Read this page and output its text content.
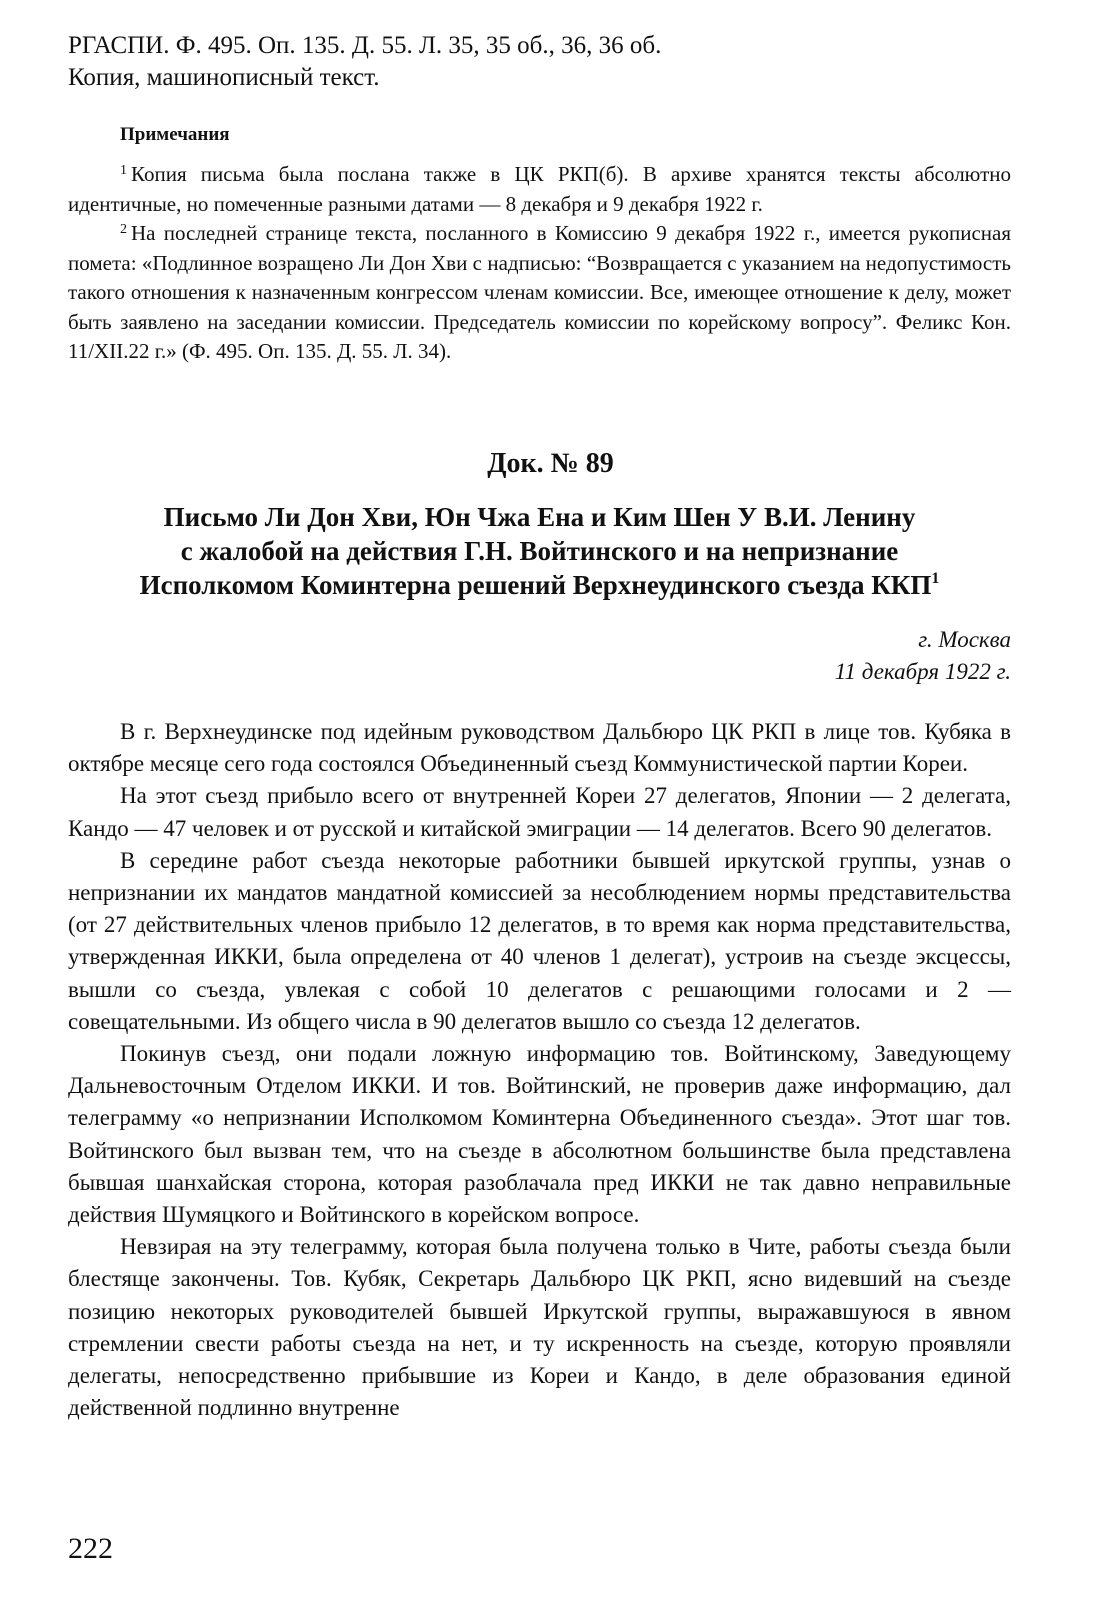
РГАСПИ. Ф. 495. Оп. 135. Д. 55. Л. 35, 35 об., 36, 36 об.
Копия, машинописный текст.
Примечания

$^1$ Копия письма была послана также в ЦК РКП(б). В архиве хранятся тексты абсолютно идентичные, но помеченные разными датами — 8 декабря и 9 декабря 1922 г.

$^2$ На последней странице текста, посланного в Комиссию 9 декабря 1922 г., имеется рукописная помета: «Подлинное возращено Ли Дон Хви с надписью: “Возвращается с указанием на недопустимость такого отношения к назначенным конгрессом членам комиссии. Все, имеющее отношение к делу, может быть заявлено на заседании комиссии. Председатель комиссии по корейскому вопросу”. Феликс Кон. 11/XII.22 г.» (Ф. 495. Оп. 135. Д. 55. Л. 34).

Док. № 89
Письмо Ли Дон Хви, Юн Чжа Ена и Ким Шен У В.И. Ленину
с жалобой на действия Г.Н. Войтинского и на непризнание
Исполкомом Коминтерна решений Верхнеудинского съезда ККП$^1$
г. Москва
11 декабря 1922 г.

В г. Верхнеудинске под идейным руководством Дальбюро ЦК РКП в лице тов. Кубяка в октябре месяце сего года состоялся Объединенный съезд Коммунистической партии Кореи.

На этот съезд прибыло всего от внутренней Кореи 27 делегатов, Японии — 2 делегата, Кандо — 47 человек и от русской и китайской эмиграции — 14 делегатов. Всего 90 делегатов.

В середине работ съезда некоторые работники бывшей иркутской группы, узнав о непризнании их мандатов мандатной комиссией за несоблюдением нормы представительства (от 27 действительных членов прибыло 12 делегатов, в то время как норма представительства, утвержденная ИККИ, была определена от 40 членов 1 делегат), устроив на съезде эксцессы, вышли со съезда, увлекая с собой 10 делегатов с решающими голосами и 2 — совещательными. Из общего числа в 90 делегатов вышло со съезда 12 делегатов.

Покинув съезд, они подали ложную информацию тов. Войтинскому, Заведующему Дальневосточным Отделом ИККИ. И тов. Войтинский, не проверив даже информацию, дал телеграмму «о непризнании Исполкомом Коминтерна Объединенного съезда». Этот шаг тов. Войтинского был вызван тем, что на съезде в абсолютном большинстве была представлена бывшая шанхайская сторона, которая разоблачала пред ИККИ не так давно неправильные действия Шумяцкого и Войтинского в корейском вопросе.

Невзирая на эту телеграмму, которая была получена только в Чите, работы съезда были блестяще закончены. Тов. Кубяк, Секретарь Дальбюро ЦК РКП, ясно видевший на съезде позицию некоторых руководителей бывшей Иркутской группы, выражавшуюся в явном стремлении свести работы съезда на нет, и ту искренность на съезде, которую проявляли делегаты, непосредственно прибывшие из Кореи и Кандо, в деле образования единой действенной подлинно внутренне

222
